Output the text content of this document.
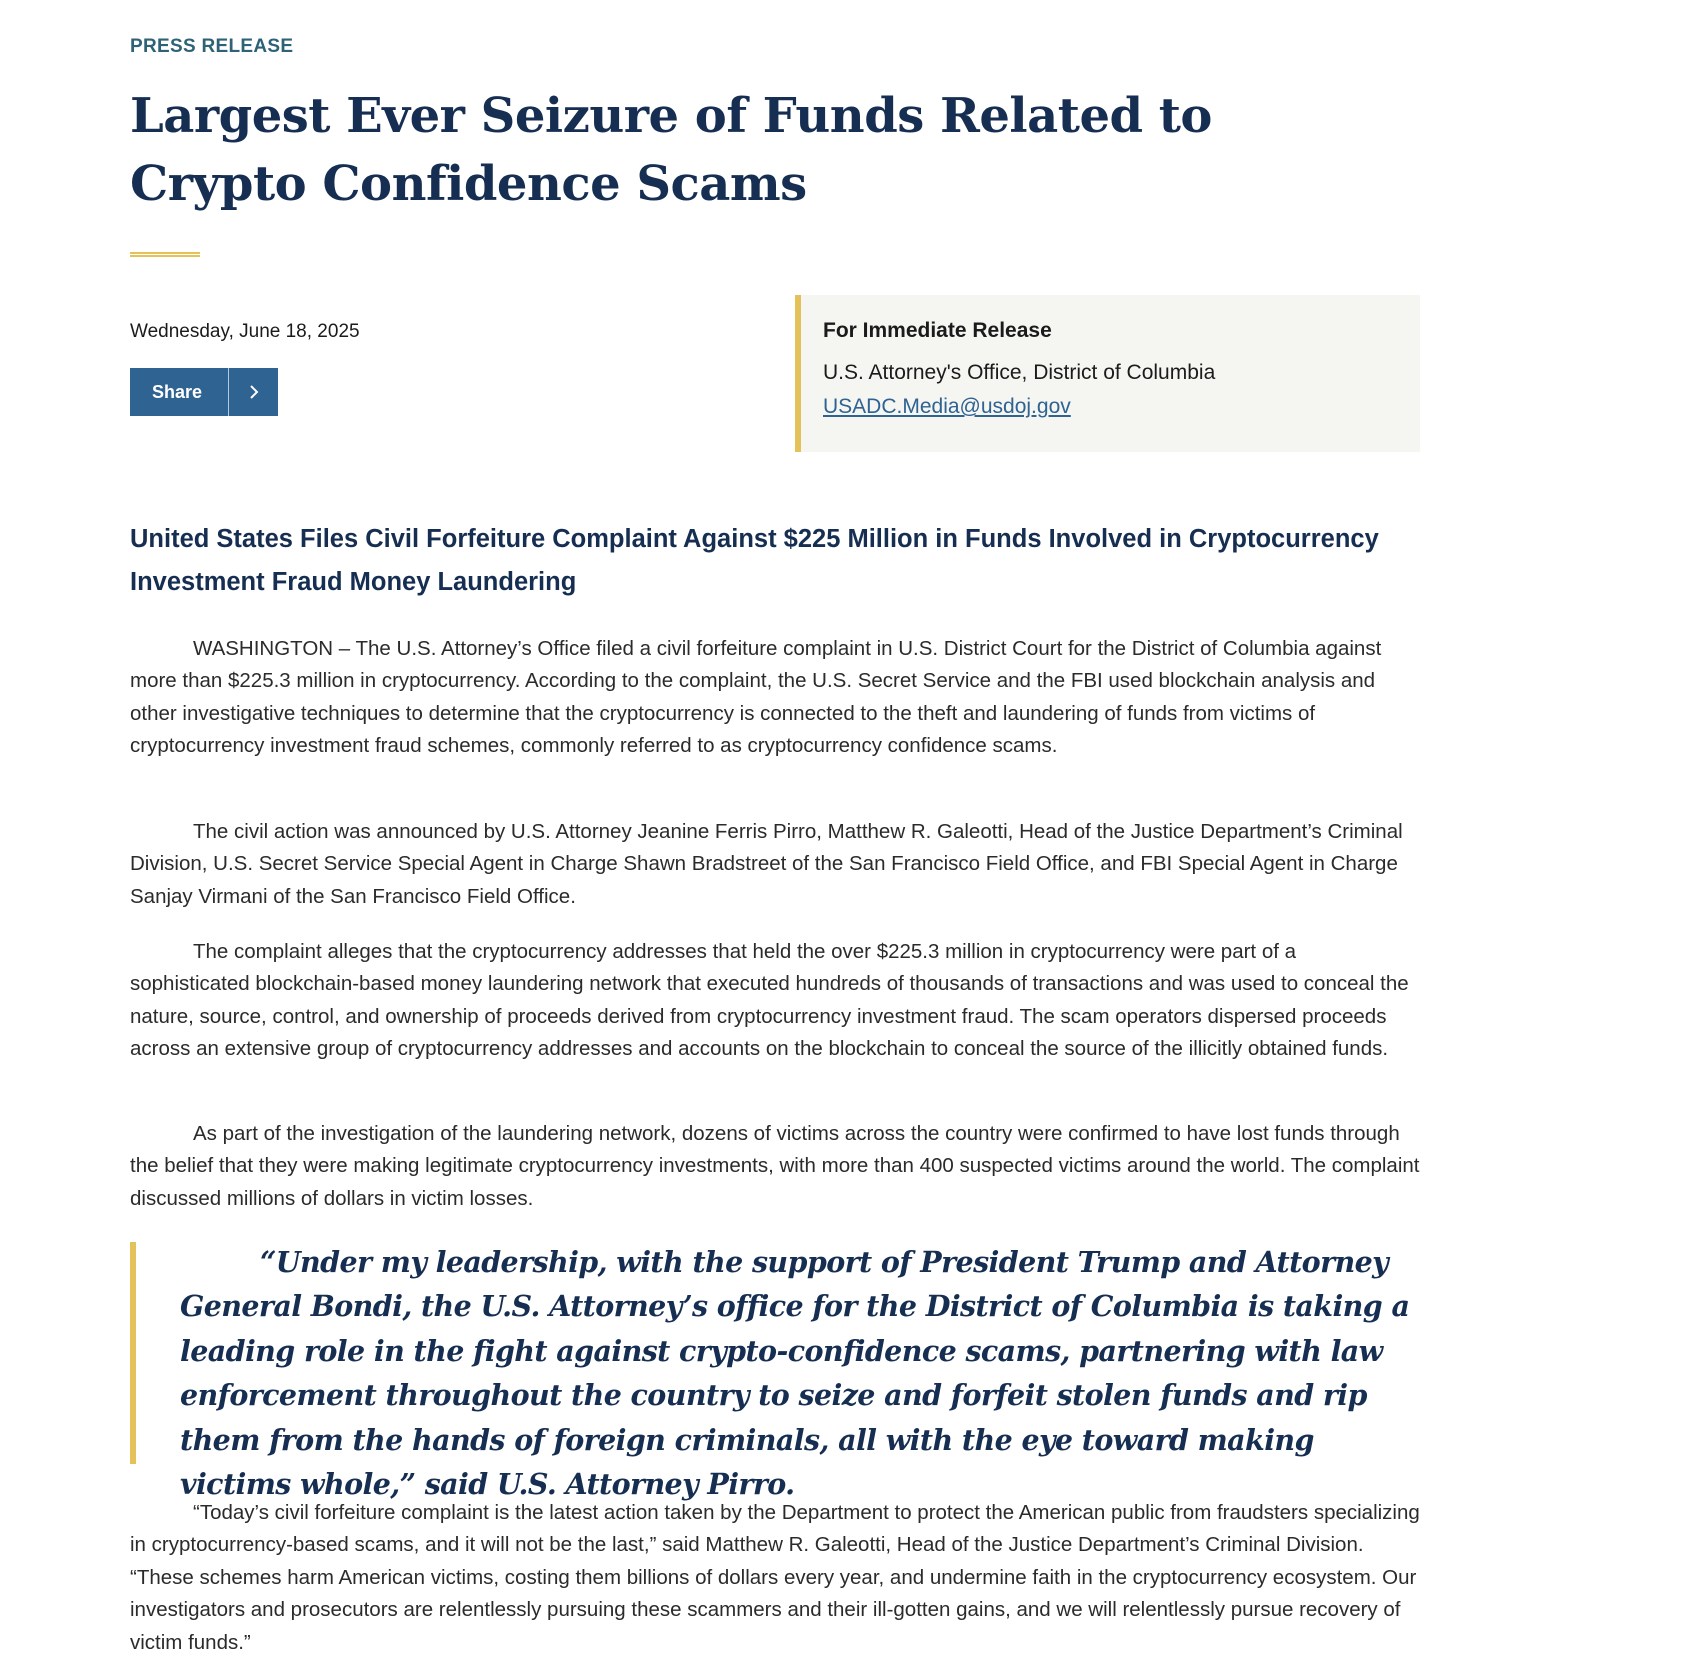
PRESS RELEASE
Largest Ever Seizure of Funds Related to Crypto Confidence Scams
Wednesday, June 18, 2025
Share

For Immediate Release

U.S. Attorney's Office, District of Columbia

USADC.Media@usdoj.gov
United States Files Civil Forfeiture Complaint Against $225 Million in Funds Involved in Cryptocurrency Investment Fraud Money Laundering

WASHINGTON – The U.S. Attorney’s Office filed a civil forfeiture complaint in U.S. District Court for the District of Columbia against more than $225.3 million in cryptocurrency. According to the complaint, the U.S. Secret Service and the FBI used blockchain analysis and other investigative techniques to determine that the cryptocurrency is connected to the theft and laundering of funds from victims of cryptocurrency investment fraud schemes, commonly referred to as cryptocurrency confidence scams.

The civil action was announced by U.S. Attorney Jeanine Ferris Pirro, Matthew R. Galeotti, Head of the Justice Department’s Criminal Division, U.S. Secret Service Special Agent in Charge Shawn Bradstreet of the San Francisco Field Office, and FBI Special Agent in Charge Sanjay Virmani of the San Francisco Field Office.

The complaint alleges that the cryptocurrency addresses that held the over $225.3 million in cryptocurrency were part of a sophisticated blockchain-based money laundering network that executed hundreds of thousands of transactions and was used to conceal the nature, source, control, and ownership of proceeds derived from cryptocurrency investment fraud. The scam operators dispersed proceeds across an extensive group of cryptocurrency addresses and accounts on the blockchain to conceal the source of the illicitly obtained funds.

As part of the investigation of the laundering network, dozens of victims across the country were confirmed to have lost funds through the belief that they were making legitimate cryptocurrency investments, with more than 400 suspected victims around the world. The complaint discussed millions of dollars in victim losses.

“Under my leadership, with the support of President Trump and Attorney General Bondi, the U.S. Attorney’s office for the District of Columbia is taking a leading role in the fight against crypto-confidence scams, partnering with law enforcement throughout the country to seize and forfeit stolen funds and rip them from the hands of foreign criminals, all with the eye toward making victims whole,” said U.S. Attorney Pirro.

“Today’s civil forfeiture complaint is the latest action taken by the Department to protect the American public from fraudsters specializing in cryptocurrency-based scams, and it will not be the last,” said Matthew R. Galeotti, Head of the Justice Department’s Criminal Division. “These schemes harm American victims, costing them billions of dollars every year, and undermine faith in the cryptocurrency ecosystem. Our investigators and prosecutors are relentlessly pursuing these scammers and their ill-gotten gains, and we will relentlessly pursue recovery of victim funds.”
